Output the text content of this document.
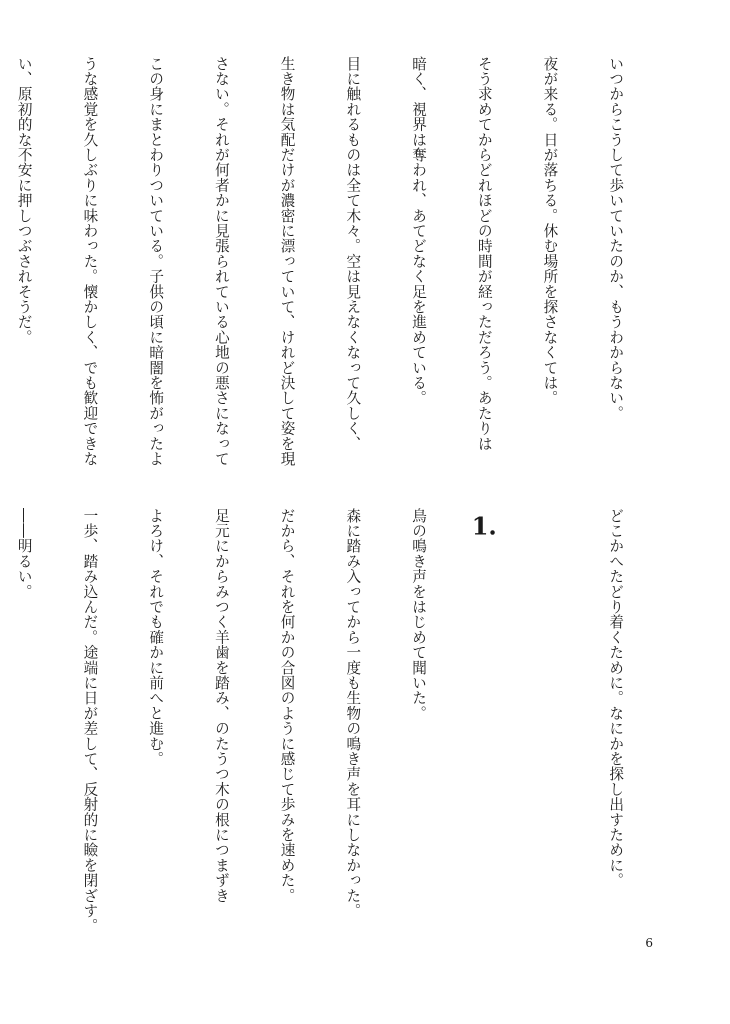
いつからこうして歩いていたのか、もうわからない。

夜が来る。日が落ちる。休む場所を探さなくては。

そう求めてからどれほどの時間が経っただろう。あたりは

暗く、視界は奪われ、あてどなく足を進めている。

目に触れるものは全て木々。空は見えなくなって久しく、

生き物は気配だけが濃密に漂っていて、けれど決して姿を現

さない。それが何者かに見張られている心地の悪さになって

この身にまとわりついている。子供の頃に暗闇を怖がったよ

うな感覚を久しぶりに味わった。懐かしく、でも歓迎できな

い、原初的な不安に押しつぶされそうだ。

どこかへたどり着くために。なにかを探し出すために。

1.

鳥の鳴き声をはじめて聞いた。

森に踏み入ってから一度も生物の鳴き声を耳にしなかった。

だから、それを何かの合図のように感じて歩みを速めた。

足元にからみつく羊歯を踏み、のたうつ木の根につまずき

よろけ、それでも確かに前へと進む。

一歩、踏み込んだ。途端に日が差して、反射的に瞼を閉ざす。

――明るい。

6
